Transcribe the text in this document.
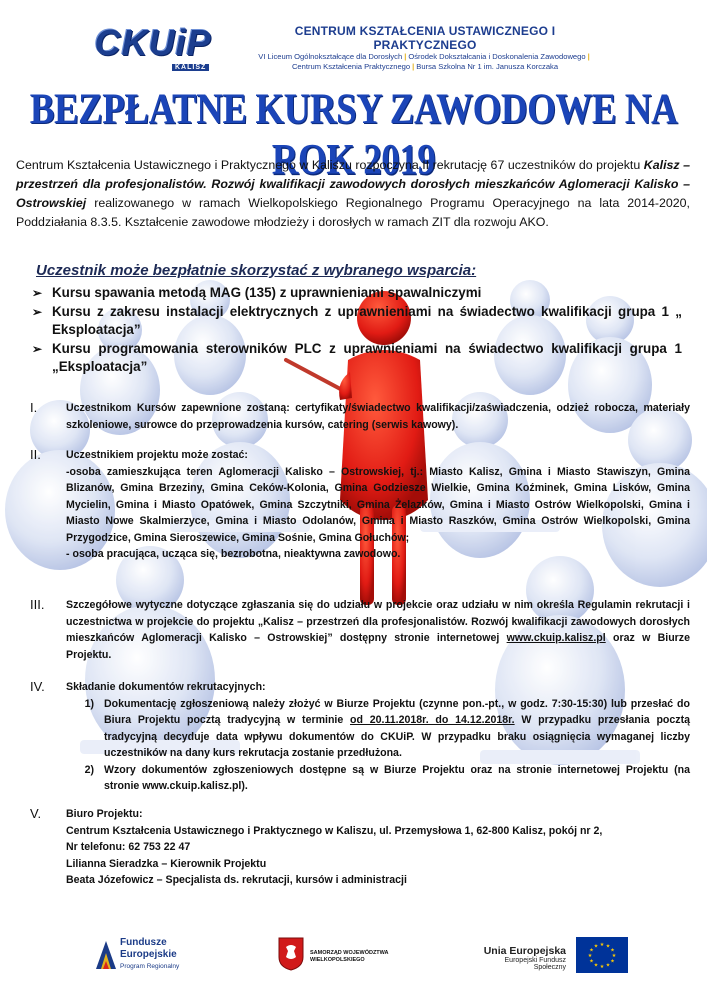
CKUiP
KALISZ
CENTRUM KSZTAŁCENIA USTAWICZNEGO I PRAKTYCZNEGO
VI Liceum Ogólnokształcące dla Dorosłych | Ośrodek Dokształcania i Doskonalenia Zawodowego |
Centrum Kształcenia Praktycznego | Bursa Szkolna Nr 1 im. Janusza Korczaka
BEZPŁATNE KURSY ZAWODOWE NA ROK 2019
Centrum Kształcenia Ustawicznego i Praktycznego w Kaliszu rozpoczyna II rekrutację 67 uczestników do projektu Kalisz – przestrzeń dla profesjonalistów. Rozwój kwalifikacji zawodowych dorosłych mieszkańców Aglomeracji Kalisko – Ostrowskiej realizowanego w ramach Wielkopolskiego Regionalnego Programu Operacyjnego na lata 2014-2020, Poddziałania 8.3.5. Kształcenie zawodowe młodzieży i dorosłych w ramach ZIT dla rozwoju AKO.
Uczestnik może bezpłatnie skorzystać z wybranego wsparcia:
➢ Kursu spawania metodą MAG (135) z uprawnieniami spawalniczymi
➢ Kursu z zakresu instalacji elektrycznych z uprawnieniami na świadectwo kwalifikacji grupa 1 „ Eksploatacja”
➢ Kursu programowania sterowników PLC z uprawnieniami na świadectwo kwalifikacji grupa 1 „Eksploatacja”
I.	Uczestnikom Kursów zapewnione zostaną: certyfikaty/świadectwo kwalifikacji/zaświadczenia, odzież robocza, materiały szkoleniowe, surowce do przeprowadzenia kursów, catering (serwis kawowy).

II.	Uczestnikiem projektu może zostać:

-osoba zamieszkująca teren Aglomeracji Kalisko – Ostrowskiej, tj.: Miasto Kalisz, Gmina i Miasto Stawiszyn, Gmina Blizanów, Gmina Brzeziny, Gmina Ceków-Kolonia, Gmina Godziesze Wielkie, Gmina Koźminek, Gmina Lisków, Gmina Mycielin, Gmina i Miasto Opatówek, Gmina Szczytniki, Gmina Żelazków, Gmina i Miasto Ostrów Wielkopolski, Gmina i Miasto Nowe Skalmierzyce, Gmina i Miasto Odolanów, Gmina i Miasto Raszków, Gmina Ostrów Wielkopolski, Gmina Przygodzice, Gmina Sieroszewice, Gmina Sośnie, Gmina Gołuchów;

- osoba pracująca, ucząca się, bezrobotna, nieaktywna zawodowo.

III.	Szczegółowe wytyczne dotyczące zgłaszania się do udziału w projekcie oraz udziału w nim określa Regulamin rekrutacji i uczestnictwa w projekcie do projektu „Kalisz – przestrzeń dla profesjonalistów. Rozwój kwalifikacji zawodowych dorosłych mieszkańców Aglomeracji Kalisko – Ostrowskiej” dostępny stronie internetowej www.ckuip.kalisz.pl oraz w Biurze Projektu.

IV.	Składanie dokumentów rekrutacyjnych:

1) Dokumentację zgłoszeniową należy złożyć w Biurze Projektu (czynne pon.-pt., w godz. 7:30-15:30) lub przesłać do Biura Projektu pocztą tradycyjną w terminie od 20.11.2018r. do 14.12.2018r. W przypadku przesłania pocztą tradycyjną decyduje data wpływu dokumentów do CKUiP. W przypadku braku osiągnięcia wymaganej liczby uczestników na dany kurs rekrutacja zostanie przedłużona.
2) Wzory dokumentów zgłoszeniowych dostępne są w Biurze Projektu oraz na stronie internetowej Projektu (na stronie www.ckuip.kalisz.pl).
V.	Biuro Projektu:

Centrum Kształcenia Ustawicznego i Praktycznego w Kaliszu, ul. Przemysłowa 1, 62-800 Kalisz, pokój nr 2,

Nr telefonu: 62 753 22 47

Lilianna Sieradzka – Kierownik Projektu

Beata Józefowicz – Specjalista ds. rekrutacji, kursów i administracji

Fundusze
Europejskie
Program Regionalny
SAMORZĄD WOJEWÓDZTWA
WIELKOPOLSKIEGO
Unia Europejska
Europejski Fundusz Społeczny
★ ★
★
★
★
★
★
★
★
★
★
★
